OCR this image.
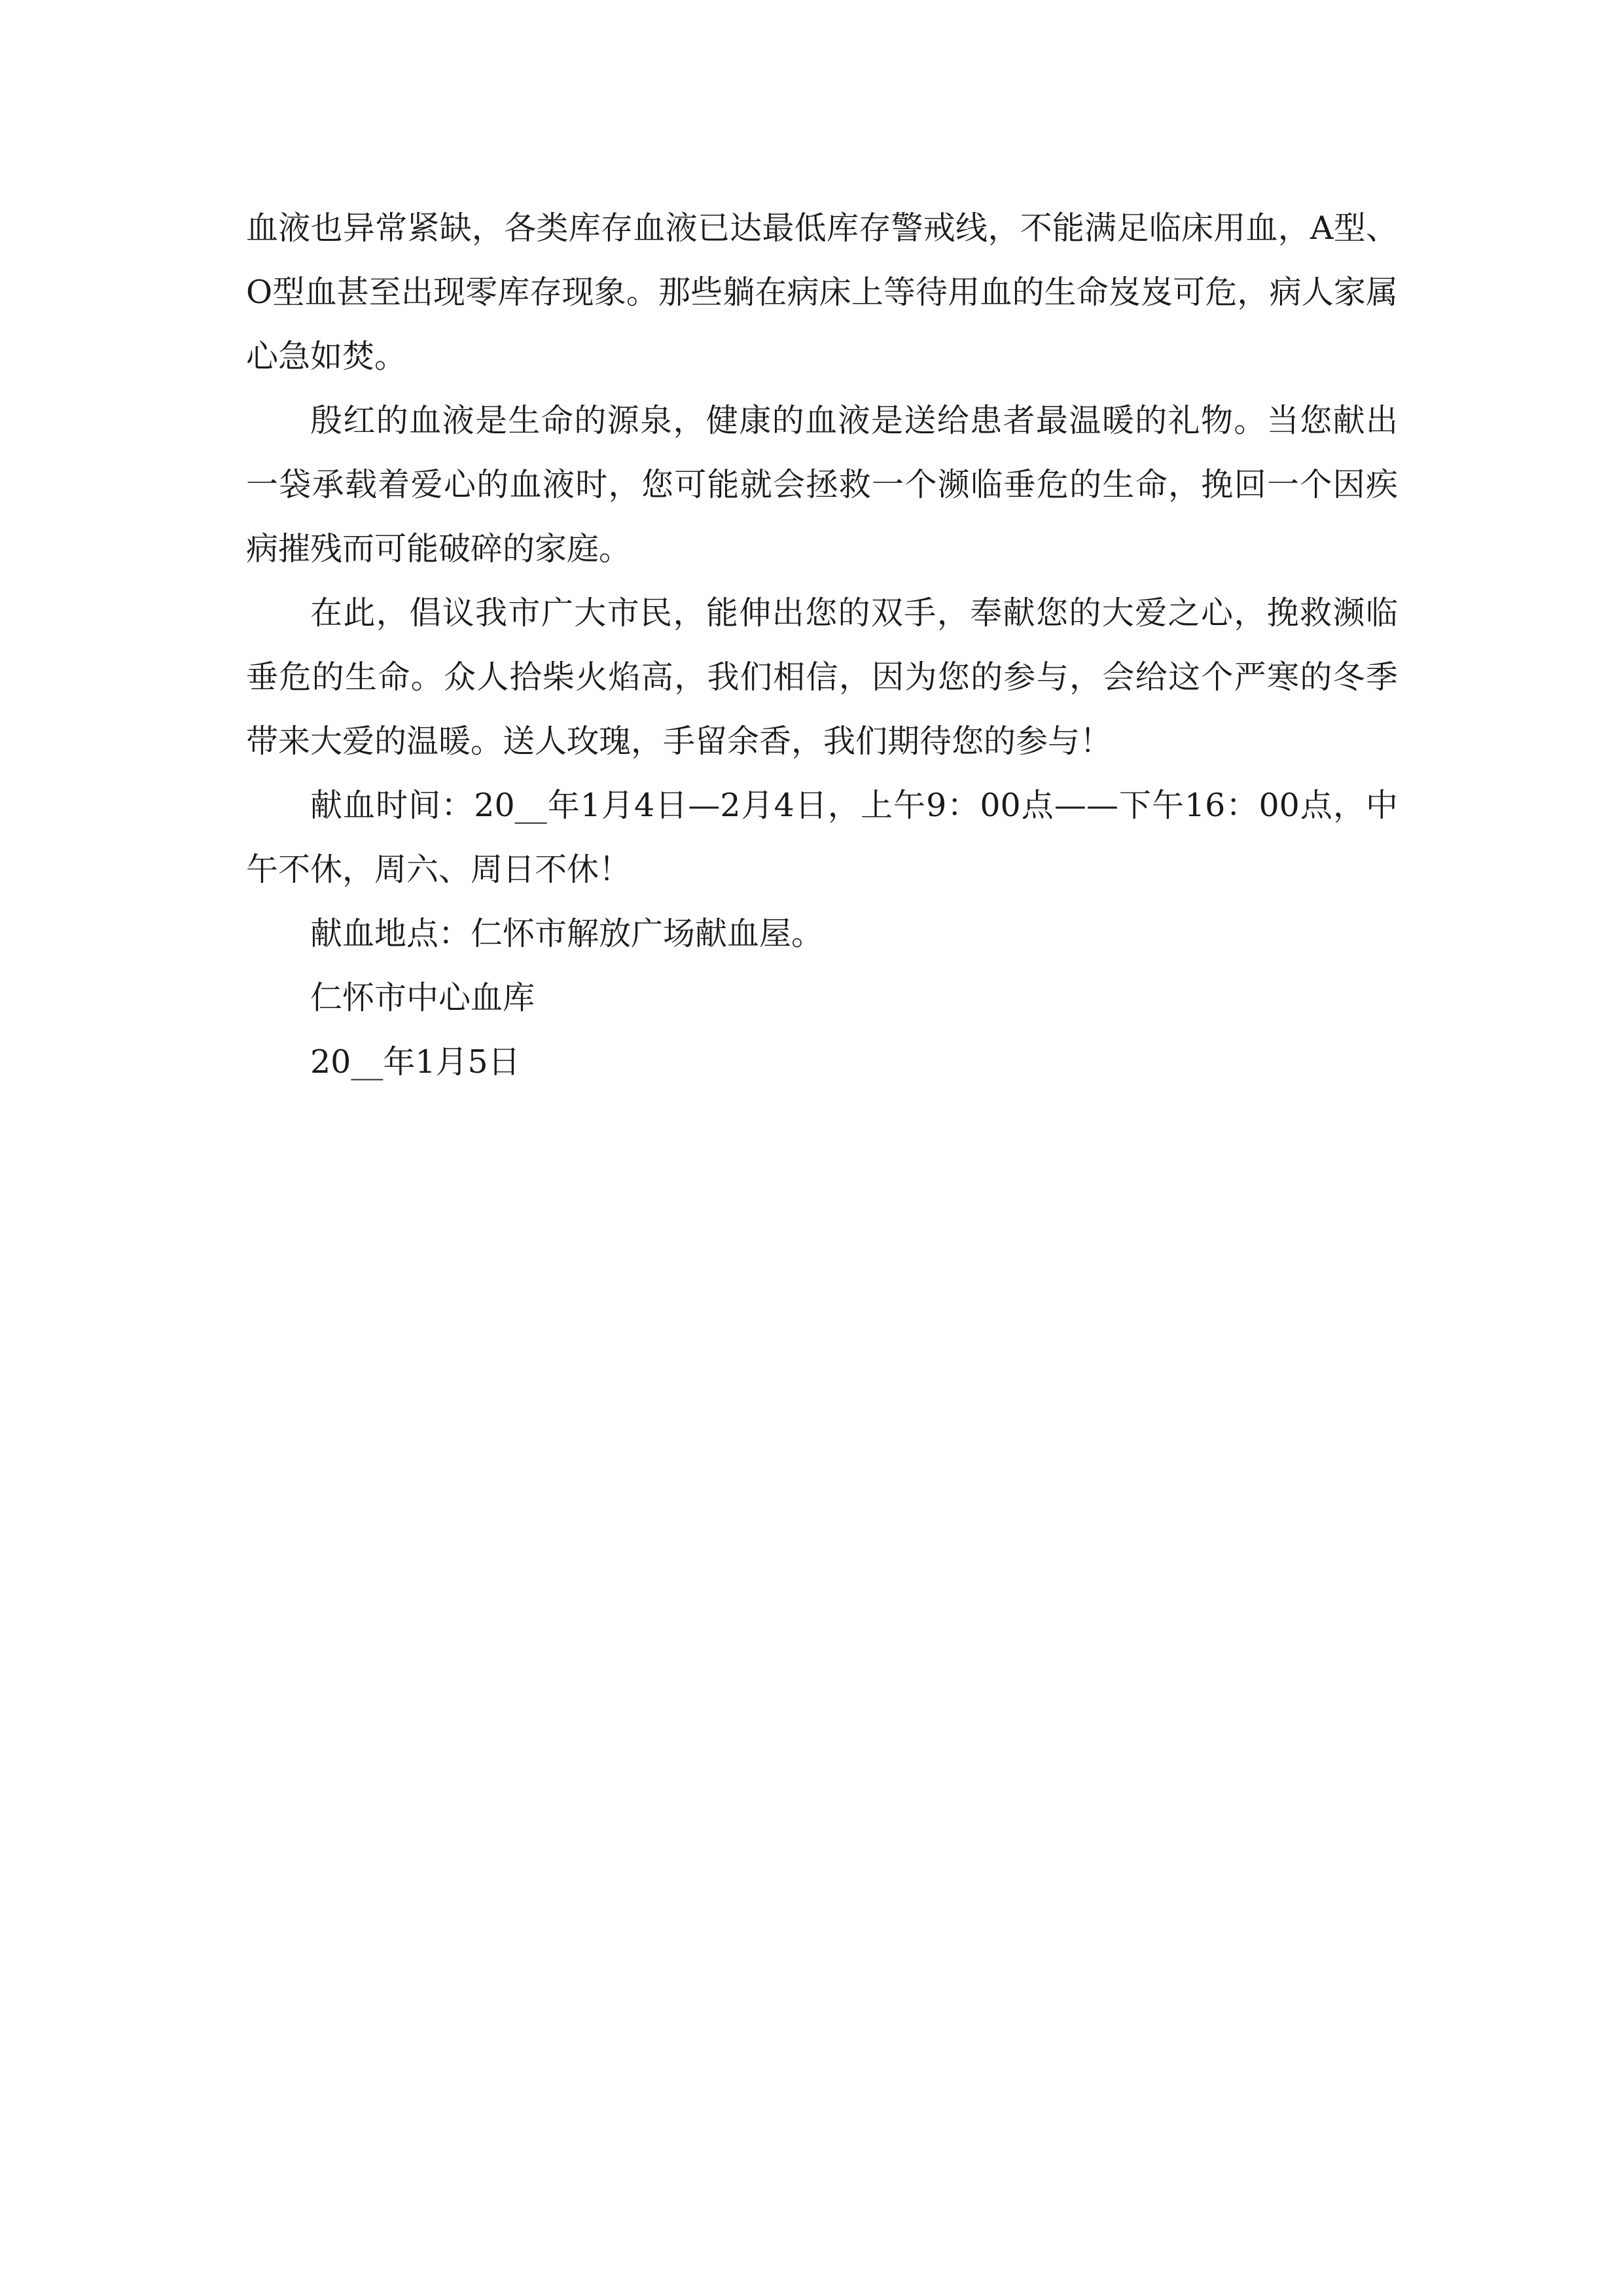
血液也异常紧缺，各类库存血液已达最低库存警戒线，不能满足临床用血，A型、O型血甚至出现零库存现象。那些躺在病床上等待用血的生命岌岌可危，病人家属心急如焚。

殷红的血液是生命的源泉，健康的血液是送给患者最温暖的礼物。当您献出一袋承载着爱心的血液时，您可能就会拯救一个濒临垂危的生命，挽回一个因疾病摧残而可能破碎的家庭。

在此，倡议我市广大市民，能伸出您的双手，奉献您的大爱之心，挽救濒临垂危的生命。众人拾柴火焰高，我们相信，因为您的参与，会给这个严寒的冬季带来大爱的温暖。送人玫瑰，手留余香，我们期待您的参与！

献血时间：20__年1月4日—2月4日，上午9：00点——下午16：00点，中午不休，周六、周日不休！

献血地点：仁怀市解放广场献血屋。

仁怀市中心血库

20__年1月5日
